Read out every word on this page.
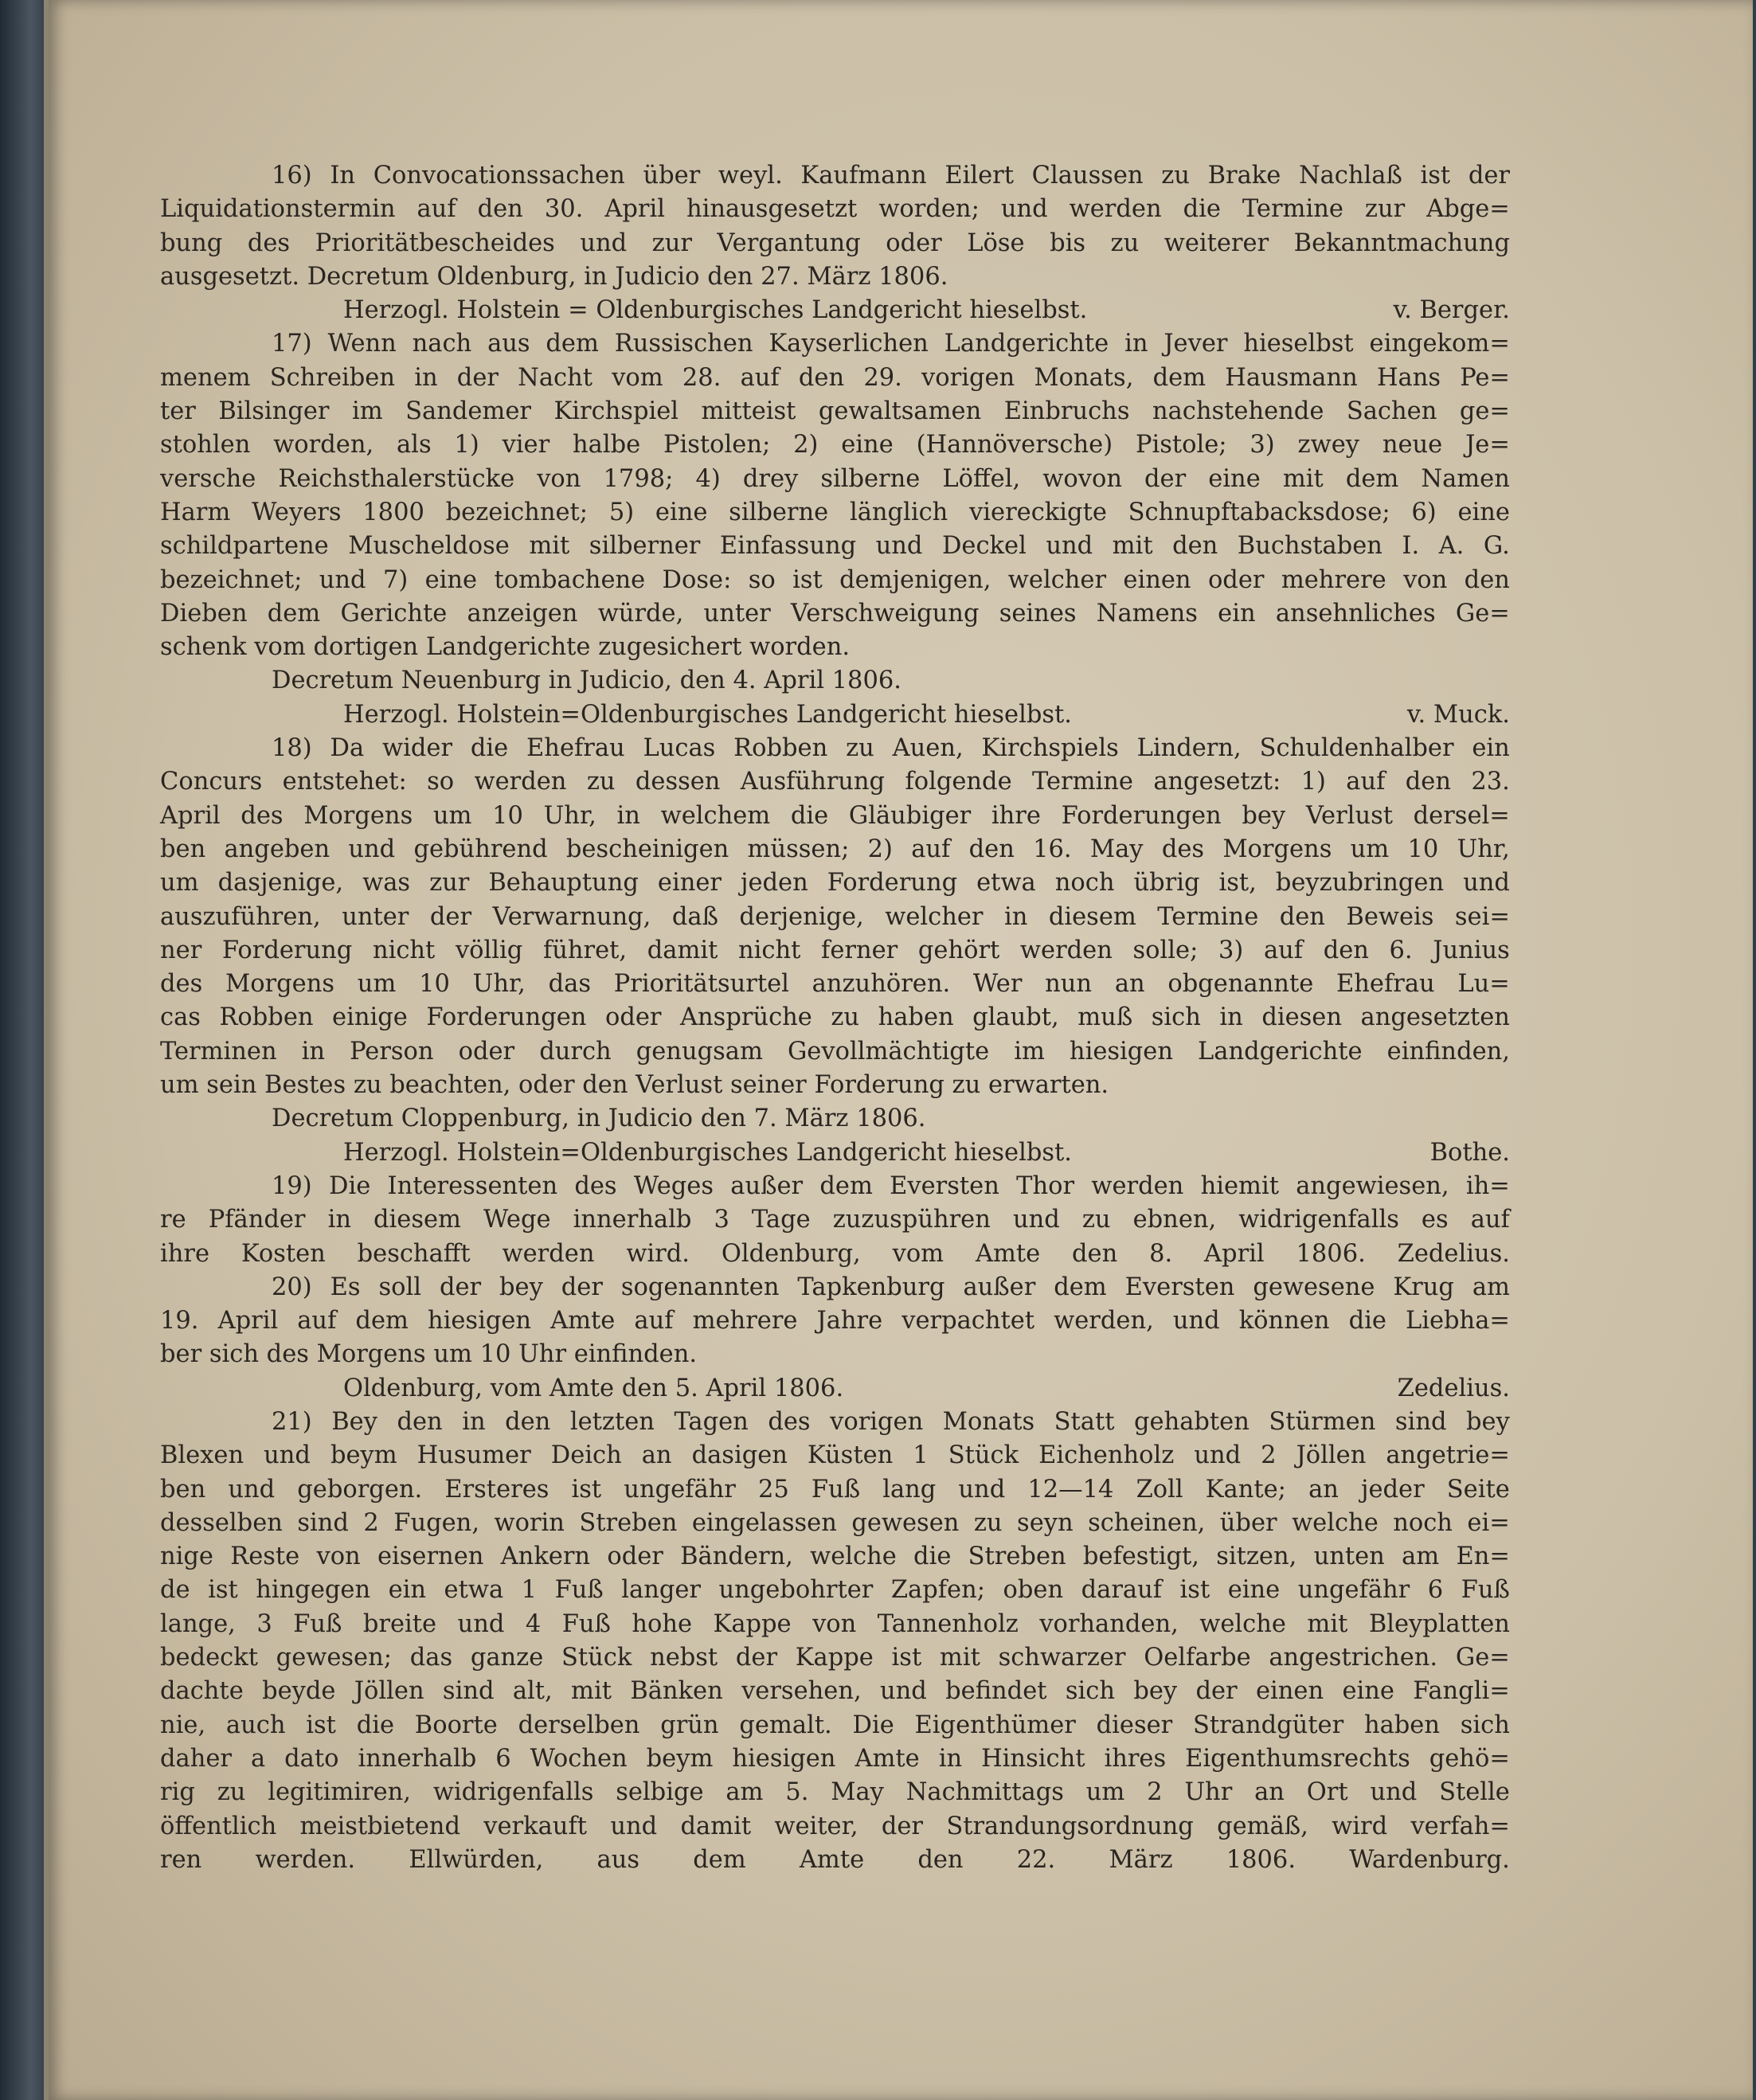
16) In Convocationssachen über weyl. Kaufmann Eilert Claussen zu Brake Nachlaß ist der
Liquidationstermin auf den 30. April hinausgesetzt worden; und werden die Termine zur Abge=
bung des Prioritätbescheides und zur Vergantung oder Löse bis zu weiterer Bekanntmachung
ausgesetzt. Decretum Oldenburg, in Judicio den 27. März 1806.
Herzogl. Holstein = Oldenburgisches Landgericht hieselbst.	v. Berger.
17) Wenn nach aus dem Russischen Kayserlichen Landgerichte in Jever hieselbst eingekom=
menem Schreiben in der Nacht vom 28. auf den 29. vorigen Monats, dem Hausmann Hans Pe=
ter Bilsinger im Sandemer Kirchspiel mitteist gewaltsamen Einbruchs nachstehende Sachen ge=
stohlen worden, als 1) vier halbe Pistolen; 2) eine (Hannöversche) Pistole; 3) zwey neue Je=
versche Reichsthalerstücke von 1798; 4) drey silberne Löffel, wovon der eine mit dem Namen
Harm Weyers 1800 bezeichnet; 5) eine silberne länglich viereckigte Schnupftabacksdose; 6) eine
schildpartene Muscheldose mit silberner Einfassung und Deckel und mit den Buchstaben I. A. G.
bezeichnet; und 7) eine tombachene Dose: so ist demjenigen, welcher einen oder mehrere von den
Dieben dem Gerichte anzeigen würde, unter Verschweigung seines Namens ein ansehnliches Ge=
schenk vom dortigen Landgerichte zugesichert worden.
Decretum Neuenburg in Judicio, den 4. April 1806.
Herzogl. Holstein=Oldenburgisches Landgericht hieselbst.	v. Muck.
18) Da wider die Ehefrau Lucas Robben zu Auen, Kirchspiels Lindern, Schuldenhalber ein
Concurs entstehet: so werden zu dessen Ausführung folgende Termine angesetzt: 1) auf den 23.
April des Morgens um 10 Uhr, in welchem die Gläubiger ihre Forderungen bey Verlust dersel=
ben angeben und gebührend bescheinigen müssen; 2) auf den 16. May des Morgens um 10 Uhr,
um dasjenige, was zur Behauptung einer jeden Forderung etwa noch übrig ist, beyzubringen und
auszuführen, unter der Verwarnung, daß derjenige, welcher in diesem Termine den Beweis sei=
ner Forderung nicht völlig führet, damit nicht ferner gehört werden solle; 3) auf den 6. Junius
des Morgens um 10 Uhr, das Prioritätsurtel anzuhören. Wer nun an obgenannte Ehefrau Lu=
cas Robben einige Forderungen oder Ansprüche zu haben glaubt, muß sich in diesen angesetzten
Terminen in Person oder durch genugsam Gevollmächtigte im hiesigen Landgerichte einfinden,
um sein Bestes zu beachten, oder den Verlust seiner Forderung zu erwarten.
Decretum Cloppenburg, in Judicio den 7. März 1806.
Herzogl. Holstein=Oldenburgisches Landgericht hieselbst.	Bothe.
19) Die Interessenten des Weges außer dem Eversten Thor werden hiemit angewiesen, ih=
re Pfänder in diesem Wege innerhalb 3 Tage zuzuspühren und zu ebnen, widrigenfalls es auf
ihre Kosten beschafft werden wird. Oldenburg, vom Amte den 8. April 1806. Zedelius.
20) Es soll der bey der sogenannten Tapkenburg außer dem Eversten gewesene Krug am
19. April auf dem hiesigen Amte auf mehrere Jahre verpachtet werden, und können die Liebha=
ber sich des Morgens um 10 Uhr einfinden.
Oldenburg, vom Amte den 5. April 1806.	Zedelius.
21) Bey den in den letzten Tagen des vorigen Monats Statt gehabten Stürmen sind bey
Blexen und beym Husumer Deich an dasigen Küsten 1 Stück Eichenholz und 2 Jöllen angetrie=
ben und geborgen. Ersteres ist ungefähr 25 Fuß lang und 12—14 Zoll Kante; an jeder Seite
desselben sind 2 Fugen, worin Streben eingelassen gewesen zu seyn scheinen, über welche noch ei=
nige Reste von eisernen Ankern oder Bändern, welche die Streben befestigt, sitzen, unten am En=
de ist hingegen ein etwa 1 Fuß langer ungebohrter Zapfen; oben darauf ist eine ungefähr 6 Fuß
lange, 3 Fuß breite und 4 Fuß hohe Kappe von Tannenholz vorhanden, welche mit Bleyplatten
bedeckt gewesen; das ganze Stück nebst der Kappe ist mit schwarzer Oelfarbe angestrichen. Ge=
dachte beyde Jöllen sind alt, mit Bänken versehen, und befindet sich bey der einen eine Fangli=
nie, auch ist die Boorte derselben grün gemalt. Die Eigenthümer dieser Strandgüter haben sich
daher a dato innerhalb 6 Wochen beym hiesigen Amte in Hinsicht ihres Eigenthumsrechts gehö=
rig zu legitimiren, widrigenfalls selbige am 5. May Nachmittags um 2 Uhr an Ort und Stelle
öffentlich meistbietend verkauft und damit weiter, der Strandungsordnung gemäß, wird verfah=
ren werden. Ellwürden, aus dem Amte den 22. März 1806. Wardenburg.
